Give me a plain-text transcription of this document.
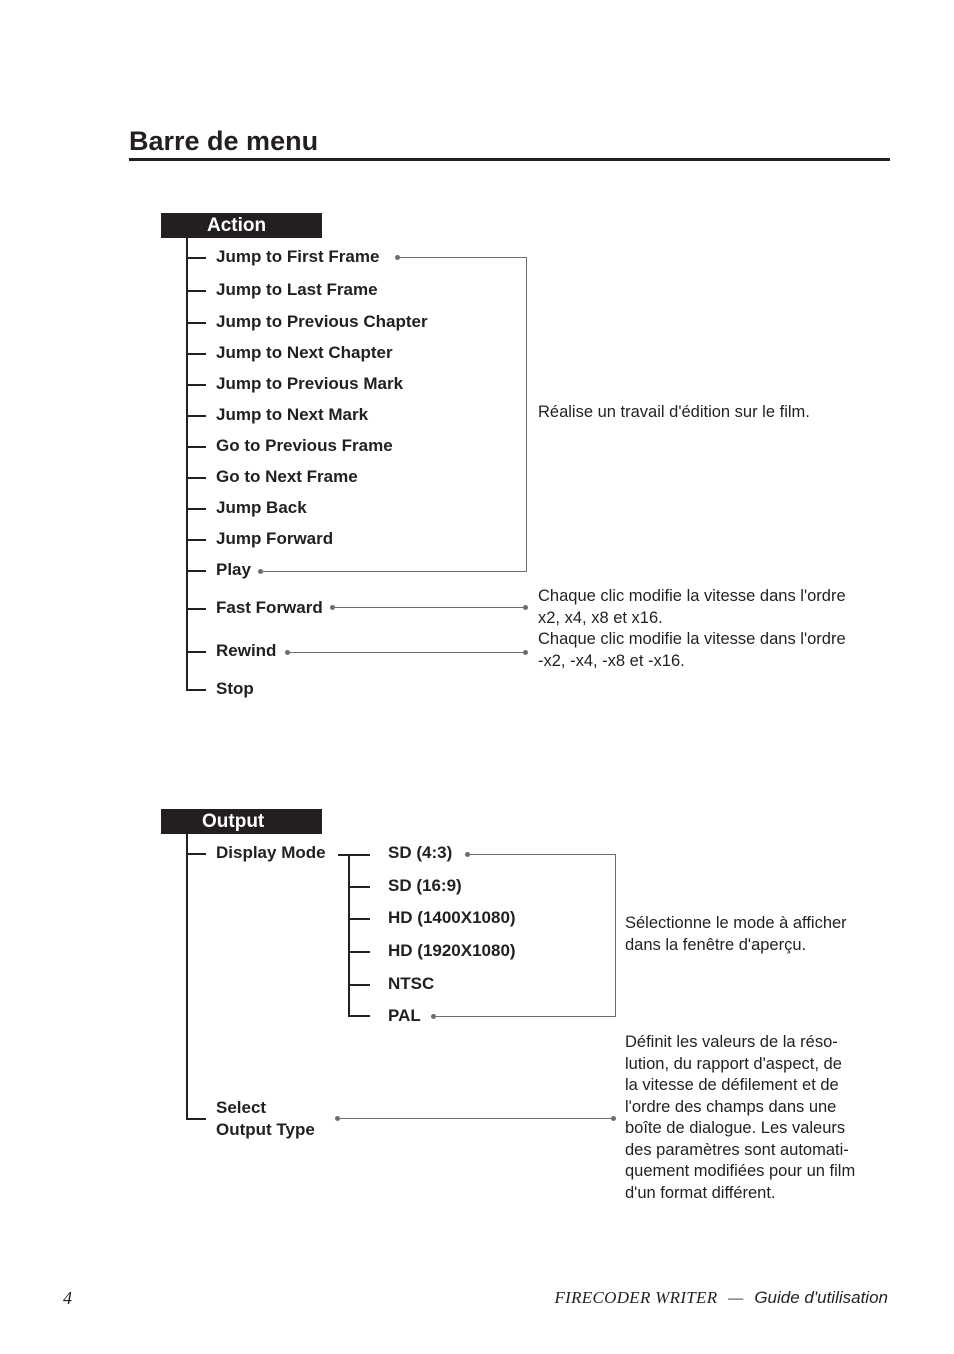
Barre de menu
Action
Jump to First Frame
Jump to Last Frame
Jump to Previous Chapter
Jump to Next Chapter
Jump to Previous Mark
Jump to Next Mark
Go to Previous Frame
Go to Next Frame
Jump Back
Jump Forward
Play
Fast Forward
Rewind
Stop
Réalise un travail d'édition sur le film.
Chaque clic modifie la vitesse dans l'ordre
x2, x4, x8 et x16.
Chaque clic modifie la vitesse dans l'ordre
-x2, -x4, -x8 et -x16.
Output
Display Mode	SD (4:3)
SD (16:9)
HD (1400X1080)
HD (1920X1080)
NTSC
PAL
Sélectionne le mode à afficher
dans la fenêtre d'aperçu.
Select
Output Type
Définit les valeurs de la réso-
lution, du rapport d'aspect, de
la vitesse de défilement et de
l'ordre des champs dans une
boîte de dialogue. Les valeurs
des paramètres sont automati-
quement modifiées pour un film
d'un format différent.
4	FIRECODER WRITER — Guide d'utilisation
